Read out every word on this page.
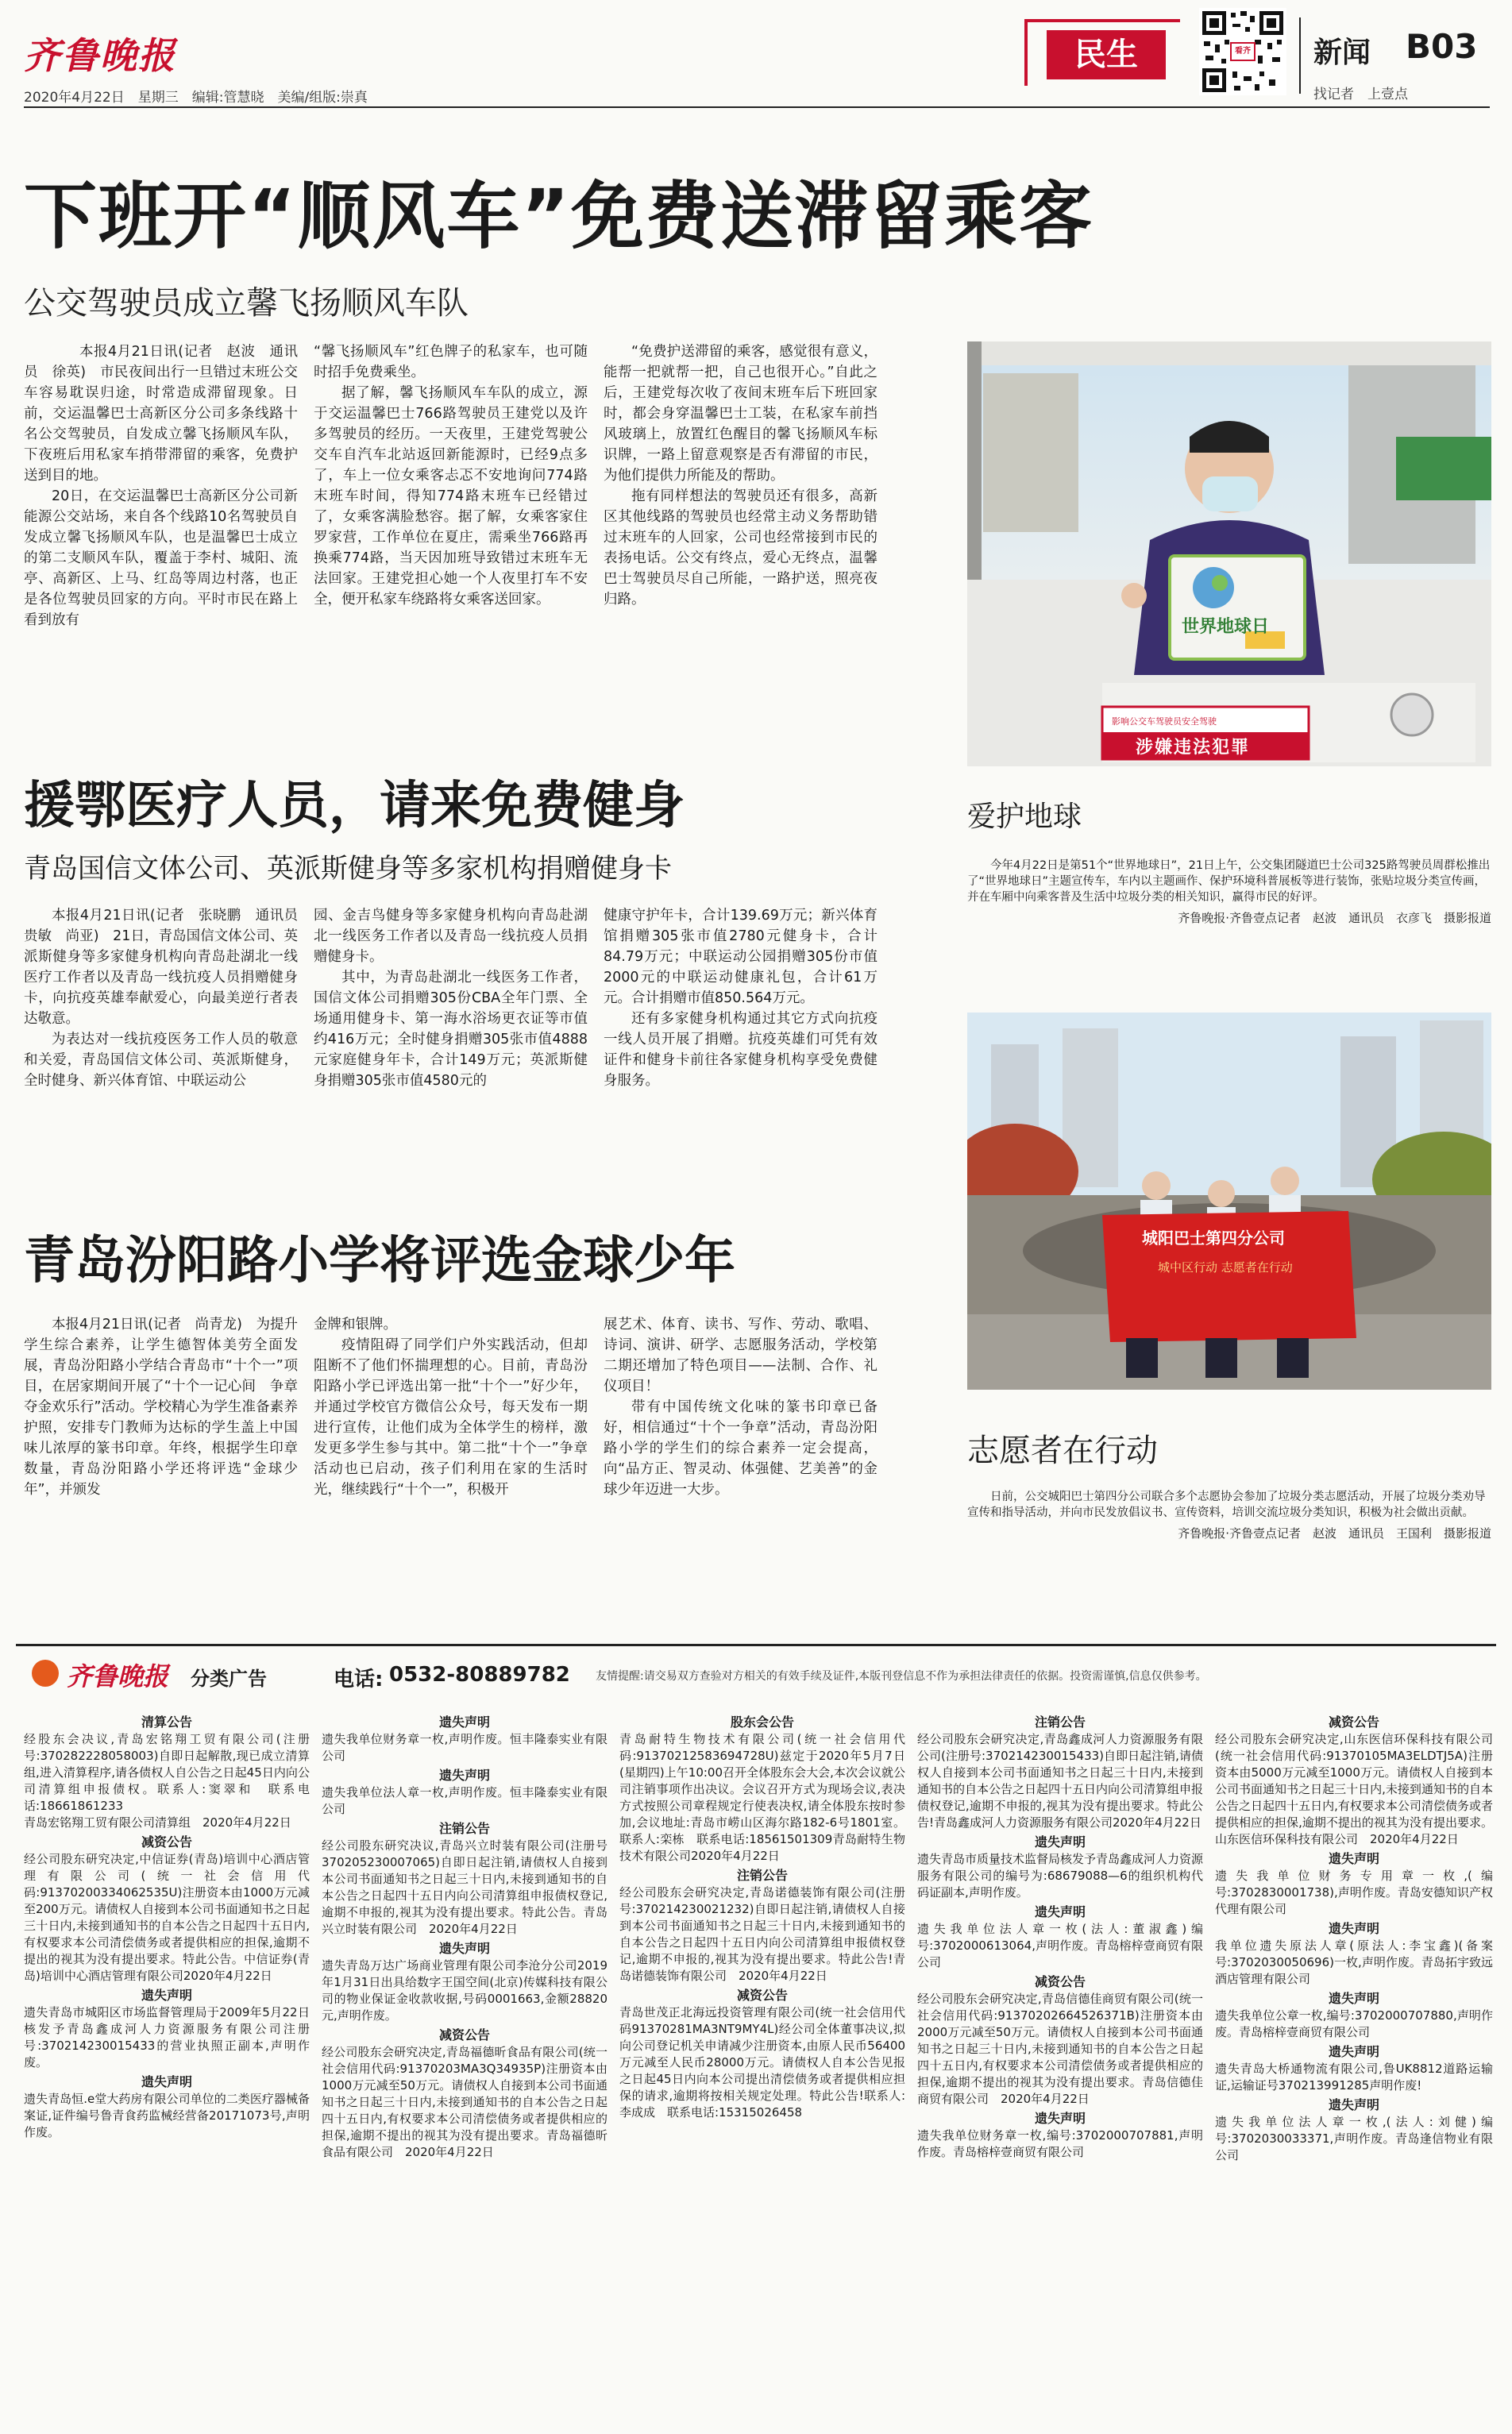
齐鲁晚报
2020年4月22日　星期三　编辑:管慧晓　美编/组版:崇真
民生	看齐 新闻 B03
找记者　上壹点
下班开“顺风车”免费送滞留乘客
公交驾驶员成立馨飞扬顺风车队

本报4月21日讯(记者　赵波　通讯员　徐英)　市民夜间出行一旦错过末班公交车容易耽误归途，时常造成滞留现象。日前，交运温馨巴士高新区分公司多条线路十名公交驾驶员，自发成立馨飞扬顺风车队，下夜班后用私家车捎带滞留的乘客，免费护送到目的地。

20日，在交运温馨巴士高新区分公司新能源公交站场，来自各个线路10名驾驶员自发成立馨飞扬顺风车队，也是温馨巴士成立的第二支顺风车队，覆盖于李村、城阳、流亭、高新区、上马、红岛等周边村落，也正是各位驾驶员回家的方向。平时市民在路上看到放有

“馨飞扬顺风车”红色牌子的私家车，也可随时招手免费乘坐。

据了解，馨飞扬顺风车车队的成立，源于交运温馨巴士766路驾驶员王建党以及许多驾驶员的经历。一天夜里，王建党驾驶公交车自汽车北站返回新能源时，已经9点多了，车上一位女乘客忐忑不安地询问774路末班车时间，得知774路末班车已经错过了，女乘客满脸愁容。据了解，女乘客家住罗家营，工作单位在夏庄，需乘坐766路再换乘774路，当天因加班导致错过末班车无法回家。王建党担心她一个人夜里打车不安全，便开私家车绕路将女乘客送回家。

“免费护送滞留的乘客，感觉很有意义，能帮一把就帮一把，自己也很开心。”自此之后，王建党每次收了夜间末班车后下班回家时，都会身穿温馨巴士工装，在私家车前挡风玻璃上，放置红色醒目的馨飞扬顺风车标识牌，一路上留意观察是否有滞留的市民，为他们提供力所能及的帮助。

拖有同样想法的驾驶员还有很多，高新区其他线路的驾驶员也经常主动义务帮助错过末班车的人回家，公司也经常接到市民的表扬电话。公交有终点，爱心无终点，温馨巴士驾驶员尽自己所能，一路护送，照亮夜归路。

世界地球日
影响公交车驾驶员安全驾驶
涉嫌违法犯罪
爱护地球
今年4月22日是第51个“世界地球日”，21日上午，公交集团隧道巴士公司325路驾驶员周群松推出了“世界地球日”主题宣传车，车内以主题画作、保护环境科普展板等进行装饰，张贴垃圾分类宣传画，并在车厢中向乘客普及生活中垃圾分类的相关知识，赢得市民的好评。
齐鲁晚报·齐鲁壹点记者　赵波　通讯员　衣彦飞　摄影报道
援鄂医疗人员，请来免费健身
青岛国信文体公司、英派斯健身等多家机构捐赠健身卡

本报4月21日讯(记者　张晓鹏　通讯员　贵敏　尚亚)　21日，青岛国信文体公司、英派斯健身等多家健身机构向青岛赴湖北一线医疗工作者以及青岛一线抗疫人员捐赠健身卡，向抗疫英雄奉献爱心，向最美逆行者表达敬意。

为表达对一线抗疫医务工作人员的敬意和关爱，青岛国信文体公司、英派斯健身，全时健身、新兴体育馆、中联运动公

园、金吉鸟健身等多家健身机构向青岛赴湖北一线医务工作者以及青岛一线抗疫人员捐赠健身卡。

其中，为青岛赴湖北一线医务工作者，国信文体公司捐赠305份CBA全年门票、全场通用健身卡、第一海水浴场更衣证等市值约416万元；全时健身捐赠305张市值4888元家庭健身年卡，合计149万元；英派斯健身捐赠305张市值4580元的

健康守护年卡，合计139.69万元；新兴体育馆捐赠305张市值2780元健身卡，合计84.79万元；中联运动公园捐赠305份市值2000元的中联运动健康礼包，合计61万元。合计捐赠市值850.564万元。

还有多家健身机构通过其它方式向抗疫一线人员开展了捐赠。抗疫英雄们可凭有效证件和健身卡前往各家健身机构享受免费健身服务。

城阳巴士第四分公司
城中区行动 志愿者在行动
志愿者在行动
日前，公交城阳巴士第四分公司联合多个志愿协会参加了垃圾分类志愿活动，开展了垃圾分类劝导宣传和指导活动，并向市民发放倡议书、宣传资料，培训交流垃圾分类知识，积极为社会做出贡献。
齐鲁晚报·齐鲁壹点记者　赵波　通讯员　王国利　摄影报道
青岛汾阳路小学将评选金球少年

本报4月21日讯(记者　尚青龙)　为提升学生综合素养，让学生德智体美劳全面发展，青岛汾阳路小学结合青岛市“十个一”项目，在居家期间开展了“十个一记心间　争章夺金欢乐行”活动。学校精心为学生准备素养护照，安排专门教师为达标的学生盖上中国味儿浓厚的篆书印章。年终，根据学生印章数量，青岛汾阳路小学还将评选“金球少年”，并颁发

金牌和银牌。

疫情阻碍了同学们户外实践活动，但却阻断不了他们怀揣理想的心。目前，青岛汾阳路小学已评选出第一批“十个一”好少年，并通过学校官方微信公众号，每天发布一期进行宣传，让他们成为全体学生的榜样，激发更多学生参与其中。第二批“十个一”争章活动也已启动，孩子们利用在家的生活时光，继续践行“十个一”，积极开

展艺术、体育、读书、写作、劳动、歌唱、诗词、演讲、研学、志愿服务活动，学校第二期还增加了特色项目——法制、合作、礼仪项目！

带有中国传统文化味的篆书印章已备好，相信通过“十个一争章”活动，青岛汾阳路小学的学生们的综合素养一定会提高，向“品方正、智灵动、体强健、艺美善”的金球少年迈进一大步。

齐鲁晚报 分类广告	电话: 0532-80889782 友情提醒:请交易双方查验对方相关的有效手续及证件,本版刊登信息不作为承担法律责任的依据。投资需谨慎,信息仅供参考。
清算公告

经股东会决议,青岛宏铭翔工贸有限公司(注册号:370282228058003)自即日起解散,现已成立清算组,进入清算程序,请各债权人自公告之日起45日内向公司清算组申报债权。联系人:窦翠和　联系电话:18661861233

青岛宏铭翔工贸有限公司清算组　2020年4月22日

减资公告

经公司股东研究决定,中信证券(青岛)培训中心酒店管理有限公司(统一社会信用代码:91370200334062535U)注册资本由1000万元减至200万元。请债权人自接到本公司书面通知书之日起三十日内,未接到通知书的自本公告之日起四十五日内,有权要求本公司清偿债务或者提供相应的担保,逾期不提出的视其为没有提出要求。特此公告。中信证券(青岛)培训中心酒店管理有限公司2020年4月22日

遗失声明

遗失青岛市城阳区市场监督管理局于2009年5月22日核发予青岛鑫成河人力资源服务有限公司注册号:370214230015433的营业执照正副本,声明作废。

遗失声明

遗失青岛恒.e堂大药房有限公司单位的二类医疗器械备案证,证件编号鲁青食药监械经营备20171073号,声明作废。

遗失声明

遗失我单位财务章一枚,声明作废。恒丰隆泰实业有限公司

遗失声明

遗失我单位法人章一枚,声明作废。恒丰隆泰实业有限公司

注销公告

经公司股东研究决议,青岛兴立时装有限公司(注册号370205230007065)自即日起注销,请债权人自接到本公司书面通知书之日起三十日内,未接到通知书的自本公告之日起四十五日内向公司清算组申报债权登记,逾期不申报的,视其为没有提出要求。特此公告。青岛兴立时装有限公司　2020年4月22日

遗失声明

遗失青岛万达广场商业管理有限公司李沧分公司2019年1月31日出具给数字王国空间(北京)传媒科技有限公司的物业保证金收款收据,号码0001663,金额28820元,声明作废。

减资公告

经公司股东会研究决定,青岛福德昕食品有限公司(统一社会信用代码:91370203MA3Q34935P)注册资本由1000万元减至50万元。请债权人自接到本公司书面通知书之日起三十日内,未接到通知书的自本公告之日起四十五日内,有权要求本公司清偿债务或者提供相应的担保,逾期不提出的视其为没有提出要求。青岛福德昕食品有限公司　2020年4月22日

股东会公告

青岛耐特生物技术有限公司(统一社会信用代码:91370212583694728U)兹定于2020年5月7日(星期四)上午10:00召开全体股东会大会,本次会议就公司注销事项作出决议。会议召开方式为现场会议,表决方式按照公司章程规定行使表决权,请全体股东按时参加,会议地址:青岛市崂山区海尔路182-6号1801室。联系人:栾栋　联系电话:18561501309青岛耐特生物技术有限公司2020年4月22日

注销公告

经公司股东会研究决定,青岛诺德装饰有限公司(注册号:370214230021232)自即日起注销,请债权人自接到本公司书面通知书之日起三十日内,未接到通知书的自本公告之日起四十五日内向公司清算组申报债权登记,逾期不申报的,视其为没有提出要求。特此公告!青岛诺德装饰有限公司　2020年4月22日

减资公告

青岛世茂正北海远投资管理有限公司(统一社会信用代码91370281MA3NT9MY4L)经公司全体董事决议,拟向公司登记机关申请减少注册资本,由原人民币56400万元减至人民币28000万元。请债权人自本公告见报之日起45日内向本公司提出清偿债务或者提供相应担保的请求,逾期将按相关规定处理。特此公告!联系人:李成成　联系电话:15315026458

注销公告

经公司股东会研究决定,青岛鑫成河人力资源服务有限公司(注册号:370214230015433)自即日起注销,请债权人自接到本公司书面通知书之日起三十日内,未接到通知书的自本公告之日起四十五日内向公司清算组申报债权登记,逾期不申报的,视其为没有提出要求。特此公告!青岛鑫成河人力资源服务有限公司2020年4月22日

遗失声明

遗失青岛市质量技术监督局核发予青岛鑫成河人力资源服务有限公司的编号为:68679088—6的组织机构代码证副本,声明作废。

遗失声明

遗失我单位法人章一枚(法人:董淑鑫)编号:3702000613064,声明作废。青岛榕梓壹商贸有限公司

减资公告

经公司股东会研究决定,青岛信德佳商贸有限公司(统一社会信用代码:91370202664526371B)注册资本由2000万元减至50万元。请债权人自接到本公司书面通知书之日起三十日内,未接到通知书的自本公告之日起四十五日内,有权要求本公司清偿债务或者提供相应的担保,逾期不提出的视其为没有提出要求。青岛信德佳商贸有限公司　2020年4月22日

遗失声明

遗失我单位财务章一枚,编号:3702000707881,声明作废。青岛榕梓壹商贸有限公司

减资公告

经公司股东会研究决定,山东医信环保科技有限公司(统一社会信用代码:91370105MA3ELDTJ5A)注册资本由5000万元减至1000万元。请债权人自接到本公司书面通知书之日起三十日内,未接到通知书的自本公告之日起四十五日内,有权要求本公司清偿债务或者提供相应的担保,逾期不提出的视其为没有提出要求。山东医信环保科技有限公司　2020年4月22日

遗失声明

遗失我单位财务专用章一枚,(编号:3702830001738),声明作废。青岛安德知识产权代理有限公司

遗失声明

我单位遗失原法人章(原法人:李宝鑫)(备案号:3702030050696)一枚,声明作废。青岛拓宇致远酒店管理有限公司

遗失声明

遗失我单位公章一枚,编号:3702000707880,声明作废。青岛榕梓壹商贸有限公司

遗失声明

遗失青岛大桥通物流有限公司,鲁UK8812道路运输证,运输证号370213991285声明作废!

遗失声明

遗失我单位法人章一枚,(法人:刘健)编号:3702030033371,声明作废。青岛逢信物业有限公司
